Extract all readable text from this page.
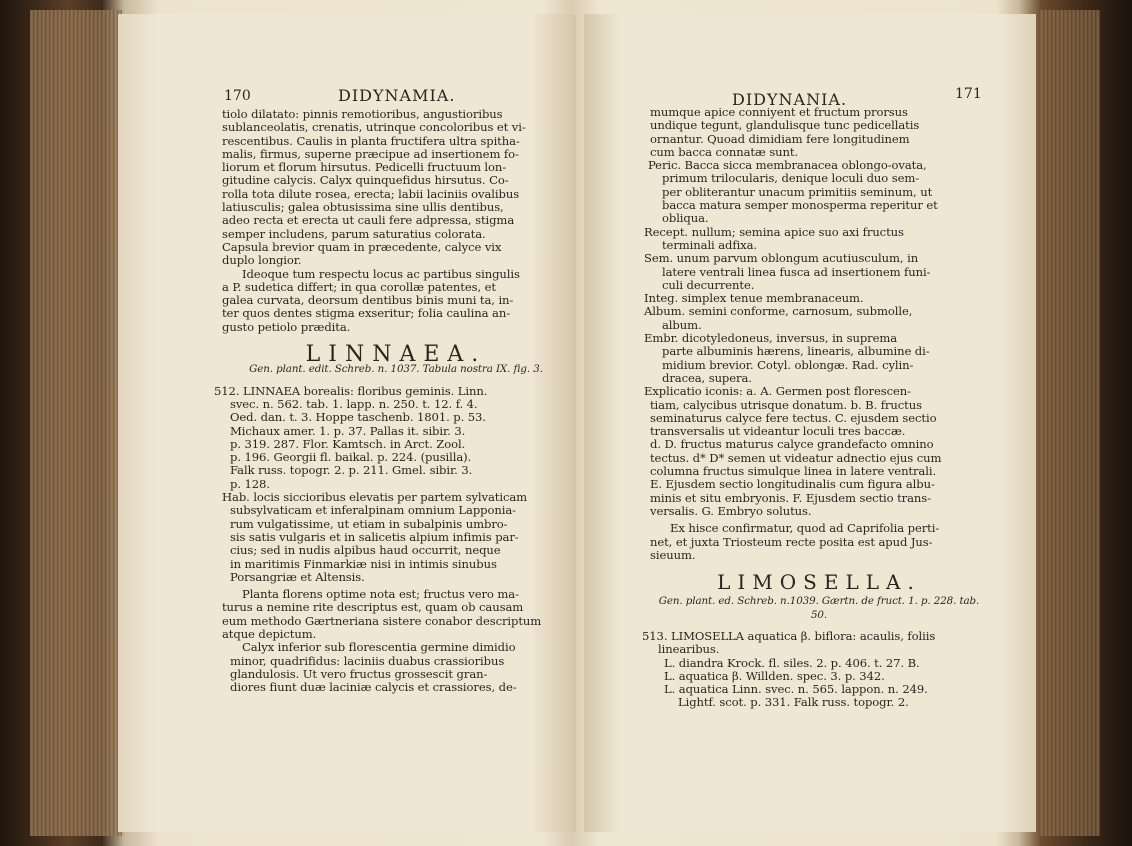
170	DIDYNAMIA.

tiolo dilatato: pinnis remotioribus, angustioribus

sublanceolatis, crenatis, utrinque concoloribus et vi-

rescentibus. Caulis in planta fructifera ultra spitha-

malis, firmus, superne præcipue ad insertionem fo-

liorum et florum hirsutus. Pedicelli fructuum lon-

gitudine calycis. Calyx quinquefidus hirsutus. Co-

rolla tota dilute rosea, erecta; labii laciniis ovalibus

latiusculis; galea obtusissima sine ullis dentibus,

adeo recta et erecta ut cauli fere adpressa, stigma

semper includens, parum saturatius colorata.

Capsula brevior quam in præcedente, calyce vix

duplo longior.

Ideoque tum respectu locus ac partibus singulis

a P. sudetica differt; in qua corollæ patentes, et

galea curvata, deorsum dentibus binis muni ta, in-

ter quos dentes stigma exseritur; folia caulina an-

gusto petiolo prædita.

LINNAEA.
Gen. plant. edit. Schreb. n. 1037. Tabula nostra IX. fig. 3.

512. LINNAEA borealis: floribus geminis. Linn.

svec. n. 562. tab. 1. lapp. n. 250. t. 12. f. 4.

Oed. dan. t. 3. Hoppe taschenb. 1801. p. 53.

Michaux amer. 1. p. 37. Pallas it. sibir. 3.

p. 319. 287. Flor. Kamtsch. in Arct. Zool.

p. 196. Georgii fl. baikal. p. 224. (pusilla).

Falk russ. topogr. 2. p. 211. Gmel. sibir. 3.

p. 128.

Hab. locis siccioribus elevatis per partem sylvaticam

subsylvaticam et inferalpinam omnium Lapponia-

rum vulgatissime, ut etiam in subalpinis umbro-

sis satis vulgaris et in salicetis alpium infimis par-

cius; sed in nudis alpibus haud occurrit, neque

in maritimis Finmarkiæ nisi in intimis sinubus

Porsangriæ et Altensis.

Planta florens optime nota est; fructus vero ma-

turus a nemine rite descriptus est, quam ob causam

eum methodo Gærtneriana sistere conabor descriptum

atque depictum.

Calyx inferior sub florescentia germine dimidio

minor, quadrifidus: laciniis duabus crassioribus

glandulosis. Ut vero fructus grossescit gran-

diores fiunt duæ laciniæ calycis et crassiores, de-

DIDYNANIA.	171

mumque apice conniyent et fructum prorsus

undique tegunt, glandulisque tunc pedicellatis

ornantur. Quoad dimidiam fere longitudinem

cum bacca connatæ sunt.

Peric. Bacca sicca membranacea oblongo-ovata,

primum trilocularis, denique loculi duo sem-

per obliterantur unacum primitiis seminum, ut

bacca matura semper monosperma reperitur et

obliqua.

Recept. nullum; semina apice suo axi fructus

terminali adfixa.

Sem. unum parvum oblongum acutiusculum, in

latere ventrali linea fusca ad insertionem funi-

culi decurrente.

Integ. simplex tenue membranaceum.

Album. semini conforme, carnosum, submolle,

album.

Embr. dicotyledoneus, inversus, in suprema

parte albuminis hærens, linearis, albumine di-

midium brevior. Cotyl. oblongæ. Rad. cylin-

dracea, supera.

Explicatio iconis: a. A. Germen post florescen-

tiam, calycibus utrisque donatum. b. B. fructus

seminaturus calyce fere tectus. C. ejusdem sectio

transversalis ut videantur loculi tres baccæ.

d. D. fructus maturus calyce grandefacto omnino

tectus. d* D* semen ut videatur adnectio ejus cum

columna fructus simulque linea in latere ventrali.

E. Ejusdem sectio longitudinalis cum figura albu-

minis et situ embryonis. F. Ejusdem sectio trans-

versalis. G. Embryo solutus.

Ex hisce confirmatur, quod ad Caprifolia perti-

net, et juxta Triosteum recte posita est apud Jus-

sieuum.

LIMOSELLA.
Gen. plant. ed. Schreb. n.1039. Gærtn. de fruct. 1. p. 228. tab. 50.

513. LIMOSELLA aquatica β. biflora: acaulis, foliis

linearibus.

L. diandra Krock. fl. siles. 2. p. 406. t. 27. B.

L. aquatica β. Willden. spec. 3. p. 342.

L. aquatica Linn. svec. n. 565. lappon. n. 249.

Lightf. scot. p. 331. Falk russ. topogr. 2.
